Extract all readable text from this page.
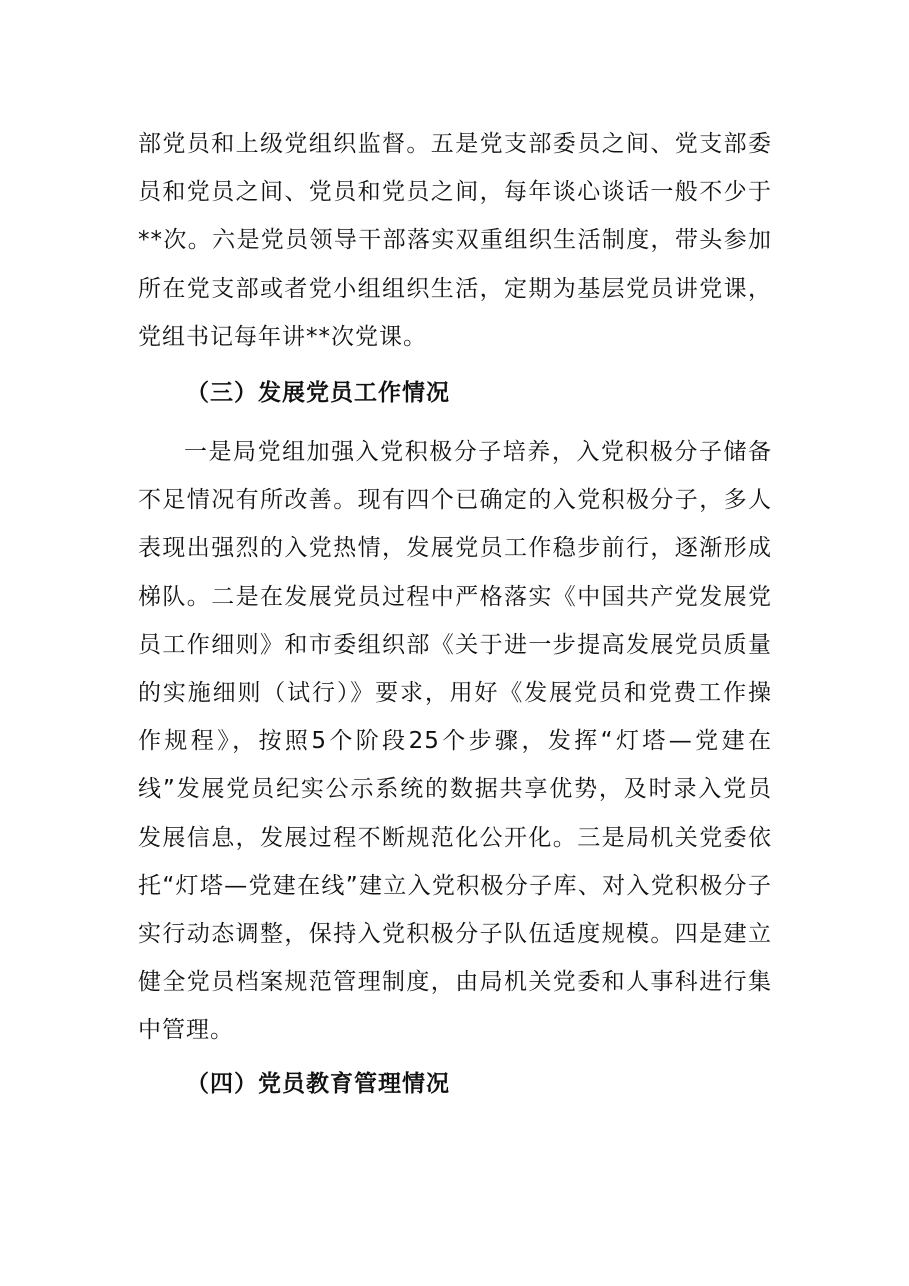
部党员和上级党组织监督。五是党支部委员之间、党支部委员和党员之间、党员和党员之间，每年谈心谈话一般不少于**次。六是党员领导干部落实双重组织生活制度，带头参加所在党支部或者党小组组织生活，定期为基层党员讲党课，党组书记每年讲**次党课。

（三）发展党员工作情况

一是局党组加强入党积极分子培养，入党积极分子储备不足情况有所改善。现有四个已确定的入党积极分子，多人表现出强烈的入党热情，发展党员工作稳步前行，逐渐形成梯队。二是在发展党员过程中严格落实《中国共产党发展党员工作细则》和市委组织部《关于进一步提高发展党员质量的实施细则（试行）》要求，用好《发展党员和党费工作操作规程》，按照5个阶段25个步骤，发挥“灯塔—党建在线”发展党员纪实公示系统的数据共享优势，及时录入党员发展信息，发展过程不断规范化公开化。三是局机关党委依托“灯塔—党建在线”建立入党积极分子库、对入党积极分子实行动态调整，保持入党积极分子队伍适度规模。四是建立健全党员档案规范管理制度，由局机关党委和人事科进行集中管理。

（四）党员教育管理情况
